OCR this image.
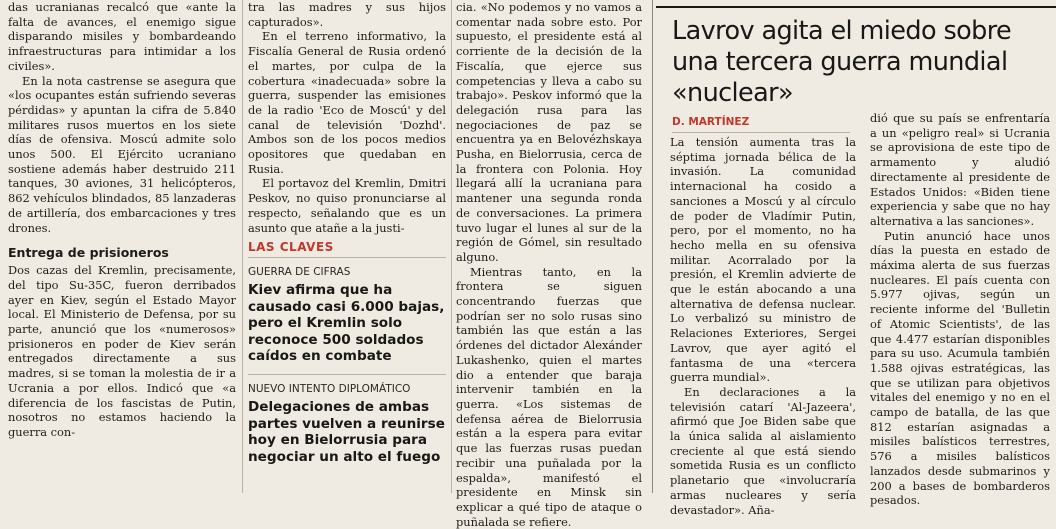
das ucranianas recalcó que «ante la falta de avances, el enemigo sigue disparando misiles y bombardeando infraestructuras para intimidar a los civiles».

En la nota castrense se asegura que «los ocupantes están sufriendo severas pérdidas» y apuntan la cifra de 5.840 militares rusos muertos en los siete días de ofensiva. Moscú admite solo unos 500. El Ejército ucraniano sostiene además haber destruido 211 tanques, 30 aviones, 31 helicópteros, 862 vehículos blindados, 85 lanzaderas de artillería, dos embarcaciones y tres drones.

Entrega de prisioneros

Dos cazas del Kremlin, precisamente, del tipo Su-35C, fueron derribados ayer en Kiev, según el Estado Mayor local. El Ministerio de Defensa, por su parte, anunció que los «numerosos» prisioneros en poder de Kiev serán entregados directamente a sus madres, si se toman la molestia de ir a Ucrania a por ellos. Indicó que «a diferencia de los fascistas de Putin, nosotros no estamos haciendo la guerra con-

tra las madres y sus hijos capturados».

En el terreno informativo, la Fiscalía General de Rusia ordenó el martes, por culpa de la cobertura «inadecuada» sobre la guerra, suspender las emisiones de la radio 'Eco de Moscú' y del canal de televisión 'Dozhd'. Ambos son de los pocos medios opositores que quedaban en Rusia.

El portavoz del Kremlin, Dmitri Peskov, no quiso pronunciarse al respecto, señalando que es un asunto que atañe a la justi-

LAS CLAVES
GUERRA DE CIFRAS
Kiev afirma que ha causado casi 6.000 bajas, pero el Kremlin solo reconoce 500 soldados caídos en combate
NUEVO INTENTO DIPLOMÁTICO
Delegaciones de ambas partes vuelven a reunirse hoy en Bielorrusia para negociar un alto el fuego

cia. «No podemos y no vamos a comentar nada sobre esto. Por supuesto, el presidente está al corriente de la decisión de la Fiscalía, que ejerce sus competencias y lleva a cabo su trabajo». Peskov informó que la delegación rusa para las negociaciones de paz se encuentra ya en Belovézhskaya Pusha, en Bielorrusia, cerca de la frontera con Polonia. Hoy llegará allí la ucraniana para mantener una segunda ronda de conversaciones. La primera tuvo lugar el lunes al sur de la región de Gómel, sin resultado alguno.

Mientras tanto, en la frontera se siguen concentrando fuerzas que podrían ser no solo rusas sino también las que están a las órdenes del dictador Alexánder Lukashenko, quien el martes dio a entender que baraja intervenir también en la guerra. «Los sistemas de defensa aérea de Bielorrusia están a la espera para evitar que las fuerzas rusas puedan recibir una puñalada por la espalda», manifestó el presidente en Minsk sin explicar a qué tipo de ataque o puñalada se refiere.

Lavrov agita el miedo sobre una tercera guerra mundial «nuclear»
D. MARTÍNEZ

La tensión aumenta tras la séptima jornada bélica de la invasión. La comunidad internacional ha cosido a sanciones a Moscú y al círculo de poder de Vladímir Putin, pero, por el momento, no ha hecho mella en su ofensiva militar. Acorralado por la presión, el Kremlin advierte de que le están abocando a una alternativa de defensa nuclear. Lo verbalizó su ministro de Relaciones Exteriores, Sergei Lavrov, que ayer agitó el fantasma de una «tercera guerra mundial».

En declaraciones a la televisión catarí 'Al-Jazeera', afirmó que Joe Biden sabe que la única salida al aislamiento creciente al que está siendo sometida Rusia es un conflicto planetario que «involucraría armas nucleares y sería devastador». Aña-

dió que su país se enfrentaría a un «peligro real» si Ucrania se aprovisiona de este tipo de armamento y aludió directamente al presidente de Estados Unidos: «Biden tiene experiencia y sabe que no hay alternativa a las sanciones».

Putin anunció hace unos días la puesta en estado de máxima alerta de sus fuerzas nucleares. El país cuenta con 5.977 ojivas, según un reciente informe del 'Bulletin of Atomic Scientists', de las que 4.477 estarían disponibles para su uso. Acumula también 1.588 ojivas estratégicas, las que se utilizan para objetivos vitales del enemigo y no en el campo de batalla, de las que 812 estarían asignadas a misiles balísticos terrestres, 576 a misiles balísticos lanzados desde submarinos y 200 a bases de bombarderos pesados.
